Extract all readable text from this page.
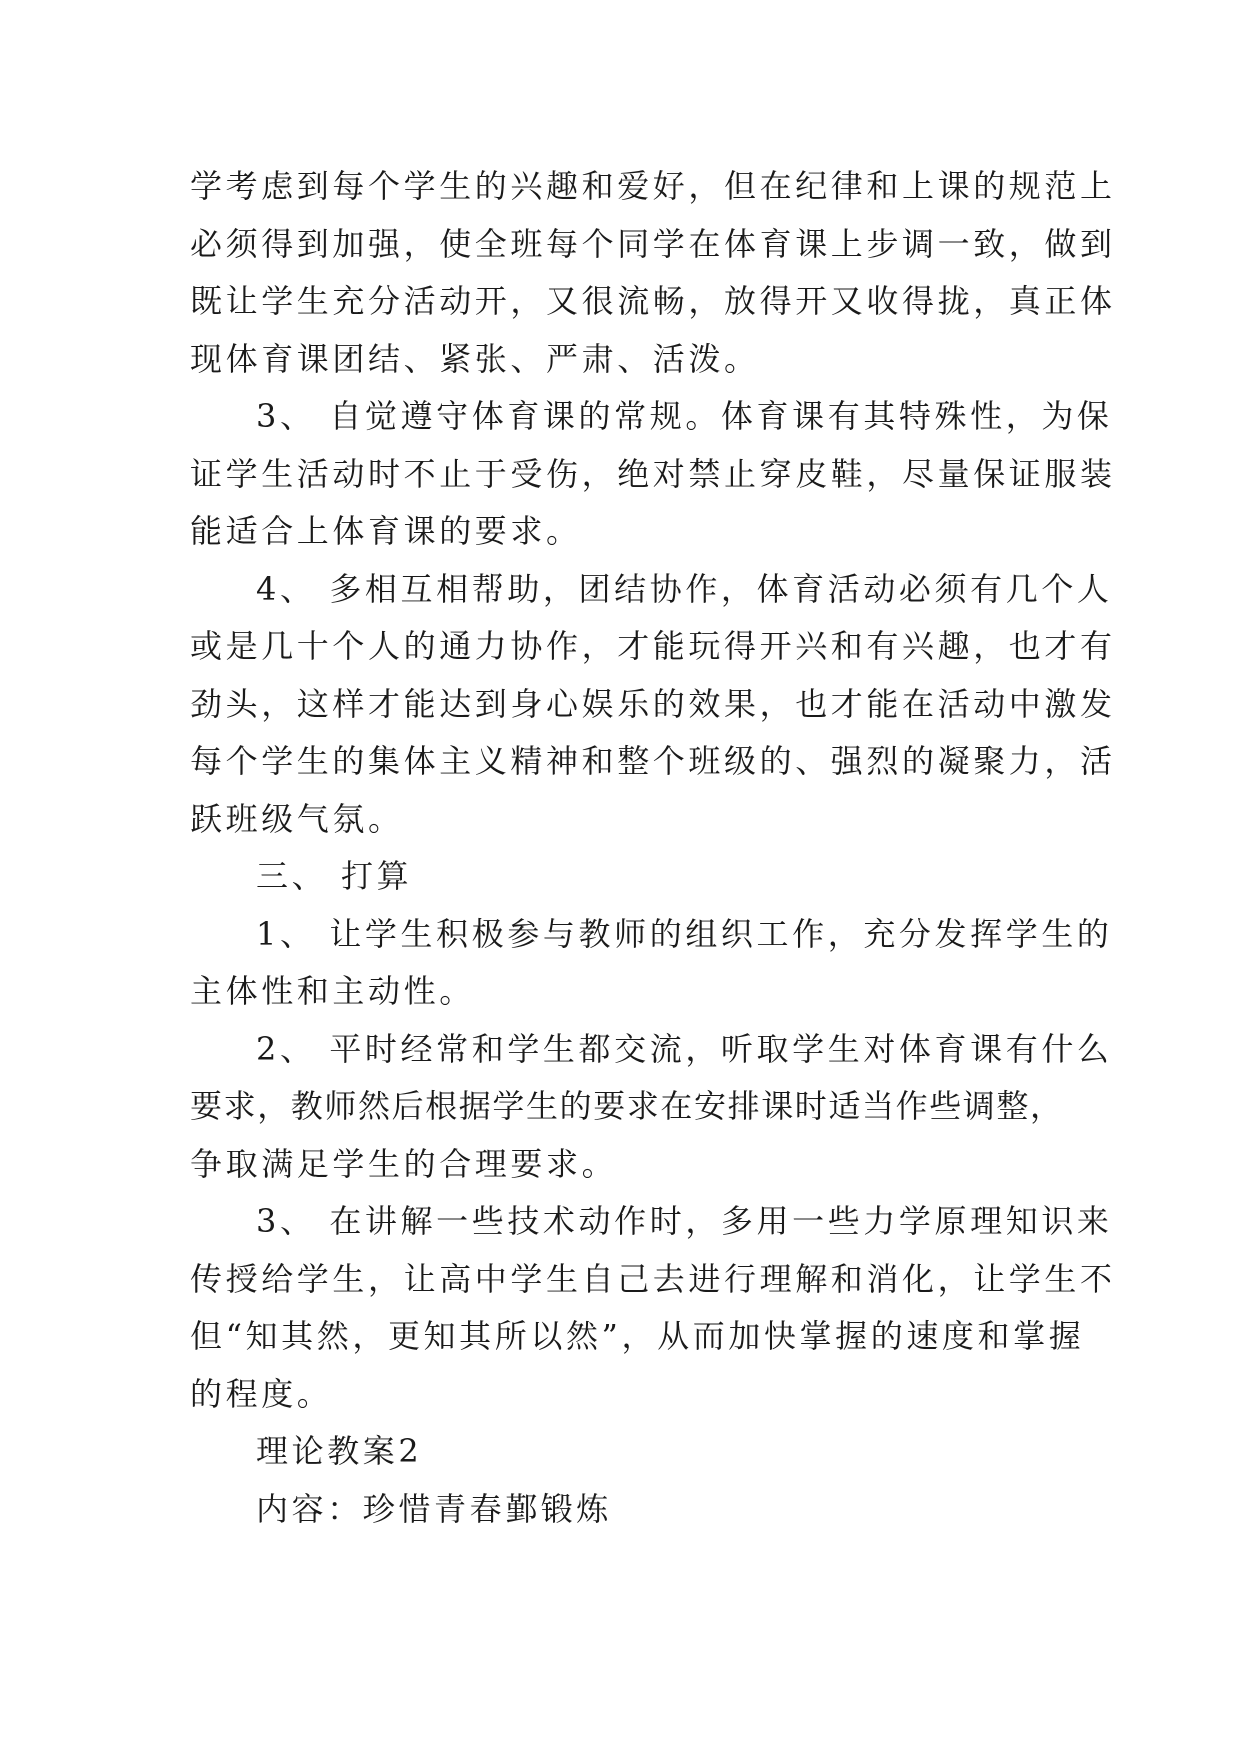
学考虑到每个学生的兴趣和爱好，但在纪律和上课的规范上
必须得到加强，使全班每个同学在体育课上步调一致，做到
既让学生充分活动开，又很流畅，放得开又收得拢，真正体
现体育课团结、紧张、严肃、活泼。
3、 自觉遵守体育课的常规。体育课有其特殊性，为保
证学生活动时不止于受伤，绝对禁止穿皮鞋，尽量保证服装
能适合上体育课的要求。
4、 多相互相帮助，团结协作，体育活动必须有几个人
或是几十个人的通力协作，才能玩得开兴和有兴趣，也才有
劲头，这样才能达到身心娱乐的效果，也才能在活动中激发
每个学生的集体主义精神和整个班级的、强烈的凝聚力，活
跃班级气氛。
三、 打算
1、 让学生积极参与教师的组织工作，充分发挥学生的
主体性和主动性。
2、 平时经常和学生都交流，听取学生对体育课有什么
要求，教师然后根据学生的要求在安排课时适当作些调整，
争取满足学生的合理要求。
3、 在讲解一些技术动作时，多用一些力学原理知识来
传授给学生，让高中学生自己去进行理解和消化，让学生不
但“知其然，更知其所以然”，从而加快掌握的速度和掌握
的程度。
理论教案2
内容：珍惜青春鄞锻炼
